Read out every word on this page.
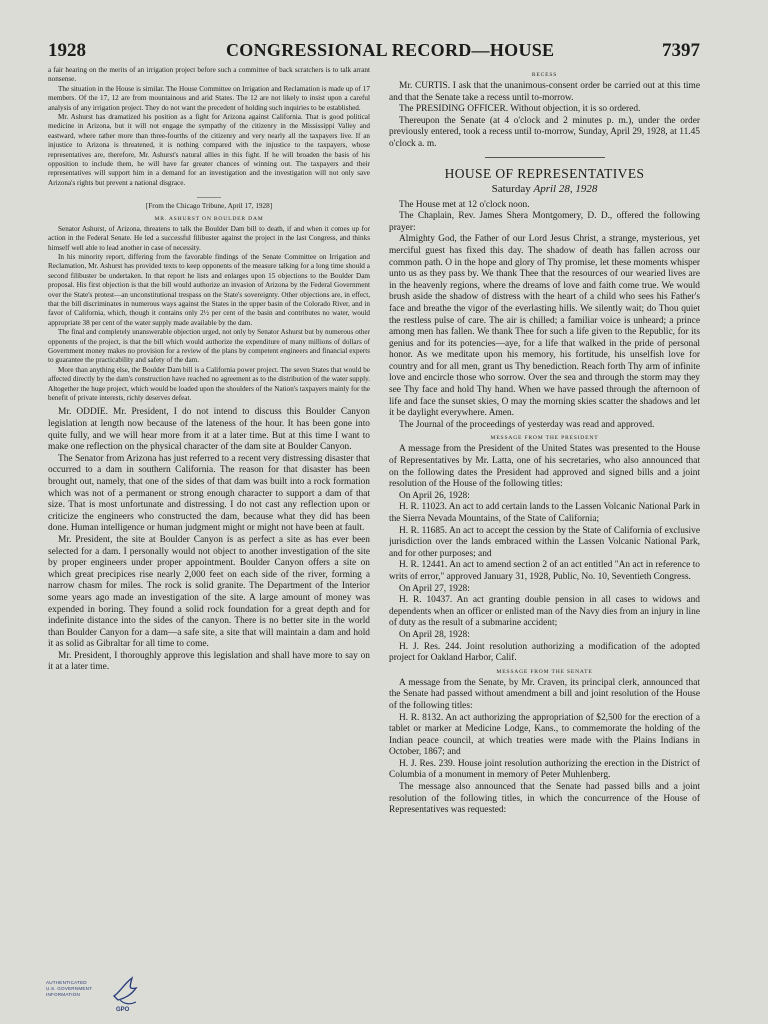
1928	CONGRESSIONAL RECORD—HOUSE	7397

a fair hearing on the merits of an irrigation project before such a committee of back scratchers is to talk arrant nonsense.

The situation in the House is similar. The House Committee on Irrigation and Reclamation is made up of 17 members. Of the 17, 12 are from mountainous and arid States. The 12 are not likely to insist upon a careful analysis of any irrigation project. They do not want the precedent of holding such inquiries to be established.

Mr. Ashurst has dramatized his position as a fight for Arizona against California. That is good political medicine in Arizona, but it will not engage the sympathy of the citizenry in the Mississippi Valley and eastward, where rather more than three-fourths of the citizenry and very nearly all the taxpayers live. If an injustice to Arizona is threatened, it is nothing compared with the injustice to the taxpayers, whose representatives are, therefore, Mr. Ashurst's natural allies in this fight. If he will broaden the basis of his opposition to include them, he will have far greater chances of winning out. The taxpayers and their representatives will support him in a demand for an investigation and the investigation will not only save Arizona's rights but prevent a national disgrace.

———

[From the Chicago Tribune, April 17, 1928]

MR. ASHURST ON BOULDER DAM

Senator Ashurst, of Arizona, threatens to talk the Boulder Dam bill to death, if and when it comes up for action in the Federal Senate. He led a successful filibuster against the project in the last Congress, and thinks himself well able to lead another in case of necessity.

In his minority report, differing from the favorable findings of the Senate Committee on Irrigation and Reclamation, Mr. Ashurst has provided texts to keep opponents of the measure talking for a long time should a second filibuster be undertaken. In that report he lists and enlarges upon 15 objections to the Boulder Dam proposal. His first objection is that the bill would authorize an invasion of Arizona by the Federal Government over the State's protest—an unconstitutional trespass on the State's sovereignty. Other objections are, in effect, that the bill discriminates in numerous ways against the States in the upper basin of the Colorado River, and in favor of California, which, though it contains only 2½ per cent of the basin and contributes no water, would appropriate 38 per cent of the water supply made available by the dam.

The final and completely unanswerable objection urged, not only by Senator Ashurst but by numerous other opponents of the project, is that the bill which would authorize the expenditure of many millions of dollars of Government money makes no provision for a review of the plans by competent engineers and financial experts to guarantee the practicability and safety of the dam.

More than anything else, the Boulder Dam bill is a California power project. The seven States that would be affected directly by the dam's construction have reached no agreement as to the distribution of the water supply. Altogether the huge project, which would be loaded upon the shoulders of the Nation's taxpayers mainly for the benefit of private interests, richly deserves defeat.

Mr. ODDIE. Mr. President, I do not intend to discuss this Boulder Canyon legislation at length now because of the lateness of the hour. It has been gone into quite fully, and we will hear more from it at a later time. But at this time I want to make one reflection on the physical character of the dam site at Boulder Canyon.

The Senator from Arizona has just referred to a recent very distressing disaster that occurred to a dam in southern California. The reason for that disaster has been brought out, namely, that one of the sides of that dam was built into a rock formation which was not of a permanent or strong enough character to support a dam of that size. That is most unfortunate and distressing. I do not cast any reflection upon or criticize the engineers who constructed the dam, because what they did has been done. Human intelligence or human judgment might or might not have been at fault.

Mr. President, the site at Boulder Canyon is as perfect a site as has ever been selected for a dam. I personally would not object to another investigation of the site by proper engineers under proper appointment. Boulder Canyon offers a site on which great precipices rise nearly 2,000 feet on each side of the river, forming a narrow chasm for miles. The rock is solid granite. The Department of the Interior some years ago made an investigation of the site. A large amount of money was expended in boring. They found a solid rock foundation for a great depth and for indefinite distance into the sides of the canyon. There is no better site in the world than Boulder Canyon for a dam—a safe site, a site that will maintain a dam and hold it as solid as Gibraltar for all time to come.

Mr. President, I thoroughly approve this legislation and shall have more to say on it at a later time.

RECESS

Mr. CURTIS. I ask that the unanimous-consent order be carried out at this time and that the Senate take a recess until to-morrow.

The PRESIDING OFFICER. Without objection, it is so ordered.

Thereupon the Senate (at 4 o'clock and 2 minutes p. m.), under the order previously entered, took a recess until to-morrow, Sunday, April 29, 1928, at 11.45 o'clock a. m.

HOUSE OF REPRESENTATIVES

Saturday April 28, 1928

The House met at 12 o'clock noon.

The Chaplain, Rev. James Shera Montgomery, D. D., offered the following prayer:

Almighty God, the Father of our Lord Jesus Christ, a strange, mysterious, yet merciful guest has fixed this day. The shadow of death has fallen across our common path. O in the hope and glory of Thy promise, let these moments whisper unto us as they pass by. We thank Thee that the resources of our wearied lives are in the heavenly regions, where the dreams of love and faith come true. We would brush aside the shadow of distress with the heart of a child who sees his Father's face and breathe the vigor of the everlasting hills. We silently wait; do Thou quiet the restless pulse of care. The air is chilled; a familiar voice is unheard; a prince among men has fallen. We thank Thee for such a life given to the Republic, for its genius and for its potencies—aye, for a life that walked in the pride of personal honor. As we meditate upon his memory, his fortitude, his unselfish love for country and for all men, grant us Thy benediction. Reach forth Thy arm of infinite love and encircle those who sorrow. Over the sea and through the storm may they see Thy face and hold Thy hand. When we have passed through the afternoon of life and face the sunset skies, O may the morning skies scatter the shadows and let it be daylight everywhere. Amen.

The Journal of the proceedings of yesterday was read and approved.

MESSAGE FROM THE PRESIDENT

A message from the President of the United States was presented to the House of Representatives by Mr. Latta, one of his secretaries, who also announced that on the following dates the President had approved and signed bills and a joint resolution of the House of the following titles:

On April 26, 1928:

H. R. 11023. An act to add certain lands to the Lassen Volcanic National Park in the Sierra Nevada Mountains, of the State of California;

H. R. 11685. An act to accept the cession by the State of California of exclusive jurisdiction over the lands embraced within the Lassen Volcanic National Park, and for other purposes; and

H. R. 12441. An act to amend section 2 of an act entitled "An act in reference to writs of error," approved January 31, 1928, Public, No. 10, Seventieth Congress.

On April 27, 1928:

H. R. 10437. An act granting double pension in all cases to widows and dependents when an officer or enlisted man of the Navy dies from an injury in line of duty as the result of a submarine accident;

On April 28, 1928:

H. J. Res. 244. Joint resolution authorizing a modification of the adopted project for Oakland Harbor, Calif.

MESSAGE FROM THE SENATE

A message from the Senate, by Mr. Craven, its principal clerk, announced that the Senate had passed without amendment a bill and joint resolution of the House of the following titles:

H. R. 8132. An act authorizing the appropriation of $2,500 for the erection of a tablet or marker at Medicine Lodge, Kans., to commemorate the holding of the Indian peace council, at which treaties were made with the Plains Indians in October, 1867; and

H. J. Res. 239. House joint resolution authorizing the erection in the District of Columbia of a monument in memory of Peter Muhlenberg.

The message also announced that the Senate had passed bills and a joint resolution of the following titles, in which the concurrence of the House of Representatives was requested:

AUTHENTICATED
U.S. GOVERNMENT
INFORMATION
GPO
